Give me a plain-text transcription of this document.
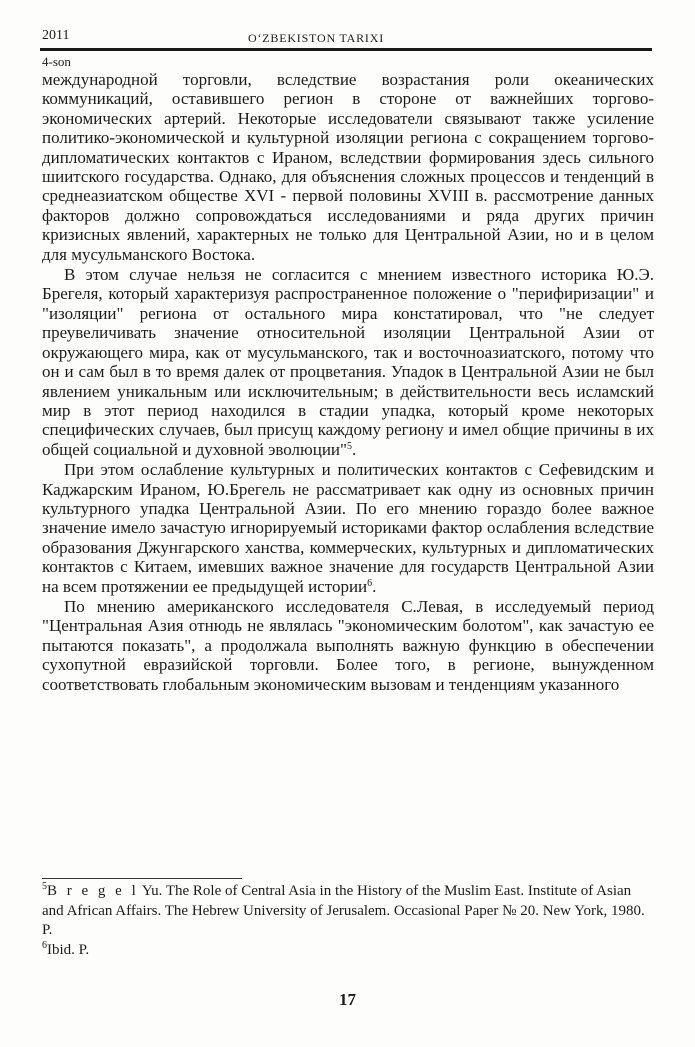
2011	O‘ZBEKISTON TARIXI
4-son

международной торговли, вследствие возрастания роли океанических коммуникаций, оставившего регион в стороне от важнейших торгово-экономических артерий. Некоторые исследователи связывают также усиление политико-экономической и культурной изоляции региона с сокращением торгово-дипломатических контактов с Ираном, вследствии формирования здесь сильного шиитского государства. Однако, для объяснения сложных процессов и тенденций в среднеазиатском обществе XVI - первой половины XVIII в. рассмотрение данных факторов должно сопровождаться исследованиями и ряда других причин кризисных явлений, характерных не только для Центральной Азии, но и в целом для мусульманского Востока.

В этом случае нельзя не согласится с мнением известного историка Ю.Э. Брегеля, который характеризуя распространенное положение о "перифиризации" и "изоляции" региона от остального мира констатировал, что "не следует преувеличивать значение относительной изоляции Центральной Азии от окружающего мира, как от мусульманского, так и восточноазиатского, потому что он и сам был в то время далек от процветания. Упадок в Центральной Азии не был явлением уникальным или исключительным; в действительности весь исламский мир в этот период находился в стадии упадка, который кроме некоторых специфических случаев, был присущ каждому региону и имел общие причины в их общей социальной и духовной эволюции"$^5$.

При этом ослабление культурных и политических контактов с Сефевидским и Каджарским Ираном, Ю.Брегель не рассматривает как одну из основных причин культурного упадка Центральной Азии. По его мнению гораздо более важное значение имело зачастую игнорируемый историками фактор ослабления вследствие образования Джунгарского ханства, коммерческих, культурных и дипломатических контактов с Китаем, имевших важное значение для государств Центральной Азии на всем протяжении ее предыдущей истории$^6$.

По мнению американского исследователя С.Левая, в исследуемый период "Центральная Азия отнюдь не являлась "экономическим болотом", как зачастую ее пытаются показать", а продолжала выполнять важную функцию в обеспечении сухопутной евразийской торговли. Более того, в регионе, вынужденном соответствовать глобальным экономическим вызовам и тенденциям указанного

$^5$B r e g e l Yu. The Role of Central Asia in the History of the Muslim East. Institute of Asian and African Affairs. The Hebrew University of Jerusalem. Occasional Paper № 20. New York, 1980. P.

$^6$Ibid. P.

17
